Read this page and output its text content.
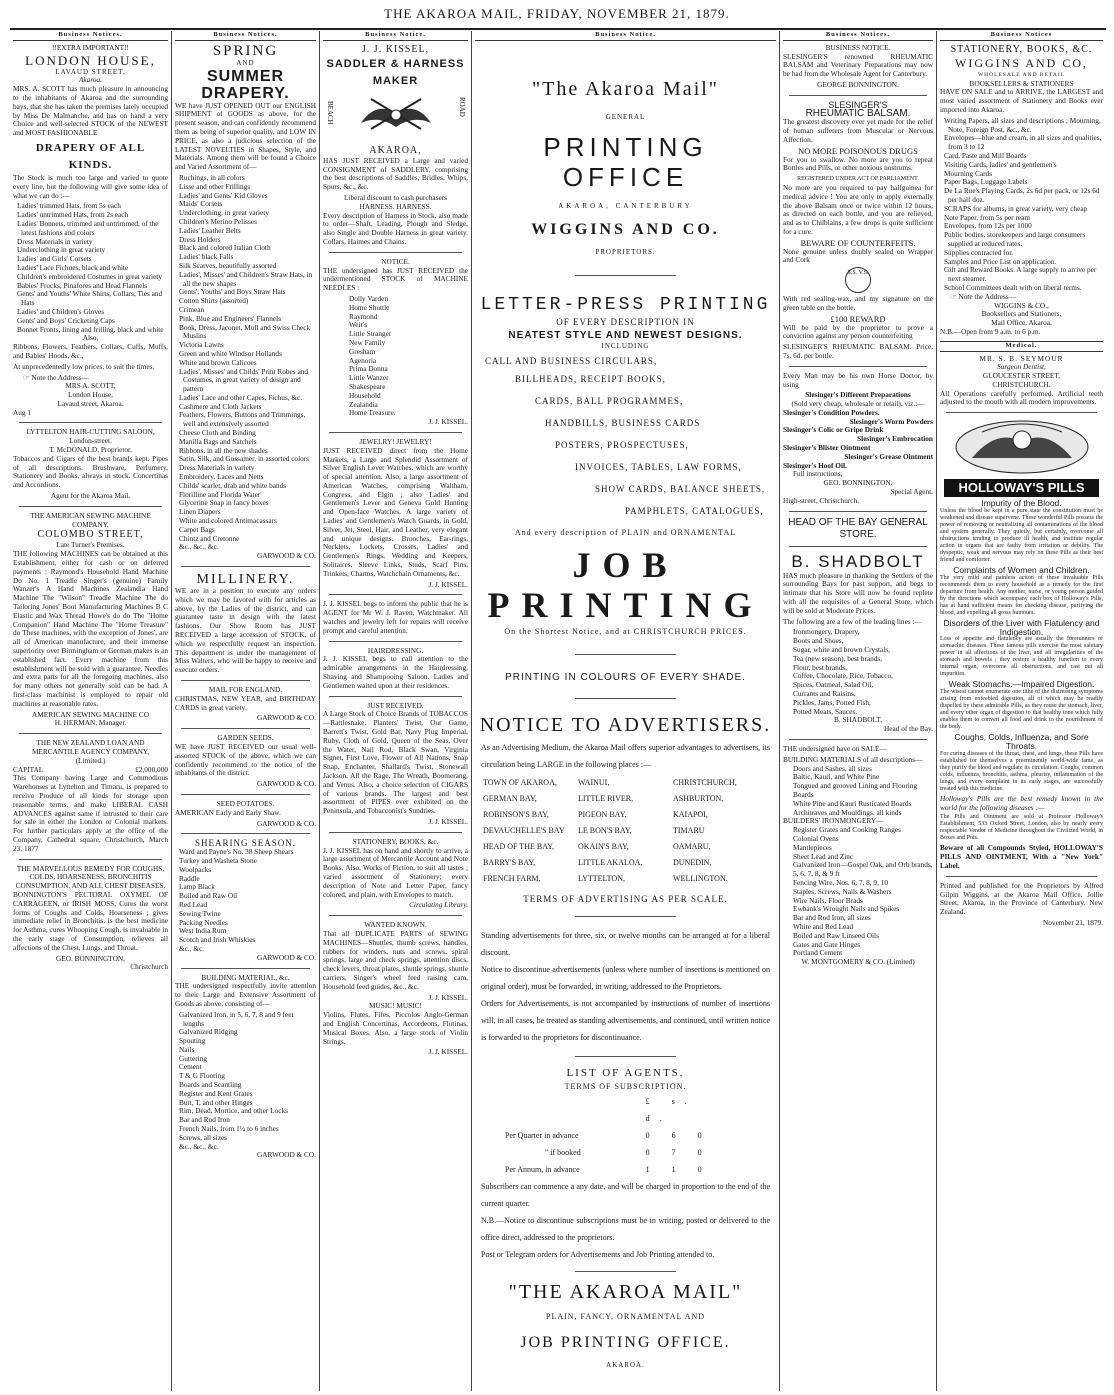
THE AKAROA MAIL, FRIDAY, NOVEMBER 21, 1879.
Business Notices.
!!EXTRA IMPORTANT!!
LONDON HOUSE,
LAVAUD STREET,
Akaroa.

MRS. A. SCOTT has much pleasure in announcing to the inhabitants of Akaroa and the surrounding bays, that she has taken the premises lately occupied by Miss De Malmanche, and has on hand a very Choice and well-selected STOCK of the NEWEST and MOST FASHIONABLE

DRAPERY OF ALL KINDS.

The Stock is much too large and varied to quote every line, but the following will give some idea of what we can do :—

Ladies' trimmed Hats, from 5s each
Ladies' untrimmed Hats, from 2s each
Ladies' Bonnets, trimmed and untrimmed, of the latest fashions and colors
Dress Materials in variety
Underclothing in great variety
Ladies' and Girls' Corsets
Ladies' Lace Fichues, black and white
Children's embroidered Costumes in great variety
Babies' Frocks, Pinafores and Head Flannels
Gents' and Youths' White Shirts, Collars, Ties and Hats
Ladies' and Children's Gloves
Gents' and Boys' Cricketing Caps
Bonnet Fronts, lining and frilling, black and white
Also,

Ribbons, Flowers, Feathers, Collars, Cuffs, Muffs, and Babies' Hoods, &c.,

At unprecedentedly low prices, to suit the times.

☞ Note the Address—
MRS A. SCOTT,
London House,
Lavaud street, Akaroa.
Aug 1
LYTTELTON HAIR-CUTTING SALOON,
London-street.
T. McDONALD, Proprietor.

Tobaccos and Cigars of the best brands kept. Pipes of all descriptions. Brushware, Perfumery, Stationery and Books, always in stock. Concertinas and Accordions.

Agent for the Akaroa Mail.
THE AMERICAN SEWING MACHINE COMPANY,
COLOMBO STREET,
Late Turner's Premises.

THE following MACHINES can be obtained at this Establishment, either for cash or on deferred payments : Raymond's Household Hand Machine Do No. 1 Treadle Singer's (genuine) Family Wanzer's A Hand Machines Zealandia Hand Machine The "Wilson" Treadle Machine The do Tailoring Jones' Boot Manufacturing Machines B C Elastic and Wax Thread Howe's do do The "Home Companion" Hand Machine The "Home Treasure" do These machines, with the exception of Jones', are all of American manufacture, and their immense superiority over Birmingham or German makes is an established fact. Every machine from this establishment will be sold with a guarantee. Needles and extra parts for all the foregoing machines, also for many others not generally sold can be had. A first-class machinist is employed to repair old machines at reasonable rates.

AMERICAN SEWING MACHINE CO
H. HERMAN, Manager.
THE NEW ZEALAND LOAN AND MERCANTILE AGENCY COMPANY,
(Limited.)
CAPITAL	£2,000,000

This Company having Large and Commodious Warehouses at Lyttelton and Timaru, is prepared to receive Produce of all kinds for storage upon reasonable terms, and make LIBERAL CASH ADVANCES against same if intrusted to their care for sale in either the London or Colonial markets. For further particulars apply at the office of the Company, Cathedral square, Christchurch, March 23, 1877

THE MARVELLOUS REMEDY FOR COUGHS, COLDS, HOARSENESS, BRONCHITIS CONSUMPTION, AND ALL CHEST DISEASES.

BONNINGTON'S PECTORAL OXYMEL OF CARRAGEEN, or IRISH MOSS, Cures the worst forms of Coughs and Colds, Hoarseness ; gives immediate relief in Bronchitis, is the best medicine for Asthma, cures Whooping Cough, is invaluable in the early stage of Consumption, relieves all affections of the Chest, Lungs, and Throat.

GEO. BONNINGTON,
Christchurch
Business Notices.
SPRING
AND
SUMMER DRAPERY.

WE have JUST OPENED OUT our ENGLISH SHIPMENT of GOODS as above, for the present season, and can confidently recommend them as being of superior quality, and LOW IN PRICE, as also a judicious selection of the LATEST NOVELTIES in Shapes, Style, and Materials. Among them will be found a Choice and Varied Assortment of—

Ruchings, in all colors
Lisse and other Frillings
Ladies' and Gents' Kid Gloves
Maids' Corsets
Underclothing, in great variety
Children's Merino Pelisses
Ladies' Leather Belts
Dress Holders
Black and colored Italian Cloth
Ladies' black Falls
Silk Scarves, beautifully assorted
Ladies', Misses' and Children's Straw Hats, in all the new shapes
Gents', Youths' and Boys Straw Hats
Cotton Shirts (assorted)
Crimean
Pink, Blue and Engineers' Flannels
Book, Dress, Jaconet, Mull and Swiss Check Muslins
Victoria Lawns
Green and white Windsor Hollands
White and brown Calicoes
Ladies', Misses' and Childs' Print Robes and Costumes, in great variety of design and pattern
Ladies' Lace and other Capes, Fichus, &c.
Cashmere and Cloth Jackets
Feathers, Flowers, Buttons and Trimmings, well and extensively assorted
Cheese Cloth and Binding
Manilla Bags and Satchels
Ribbons, in all the new shades
Satin, Silk, and Gossamer, in assorted colors
Dress Materials in variety
Embroidery, Laces and Netts
Childs' scarlet, drab and white bands
Florilline and Florida Water
Glycerine Soap in fancy boxes
Linen Diapers
White and colored Antimacassars
Carpet Bags
Chintz and Cretonne
&c., &c., &c.
GARWOOD & CO.
MILLINERY.

WE are in a position to execute any orders which we may be favored with for articles as above, by the Ladies of the district, and can guarantee taste in design with the latest fashions. Our Show Room has JUST RECEIVED a large accession of STOCK, of which we respectfully request an inspection. This department is under the management of Miss Walters, who will be happy to receive and execute orders.

MAIL FOR ENGLAND.

CHRISTMAS, NEW YEAR, and BIRTHDAY CARDS in great variety.

GARWOOD & CO.
GARDEN SEEDS.

WE have JUST RECEIVED our usual well-assorted STOCK of the above, which we can confidently recommend to the notice of the inhabitants of the district.

GARWOOD & CO.
SEED POTATOES.

AMERICAN Early and Early Shaw.

GARWOOD & CO.
SHEARING SEASON.
Ward and Payne's No. 38 Sheep Shears
Turkey and Washeta Stone
Woolpacks
Raddle
Lamp Black
Boiled and Raw Oil
Red Lead
Sewing Twine
Packing Needles
West India Rum
Scotch and Irish Whiskies
&c., &c.
GARWOOD & CO.
BUILDING MATERIAL, &c.

THE undersigned respectfully invite attention to their Large and Extensive Assortment of Goods as above, consisting of—

Galvanized Iron, in 5, 6, 7, 8 and 9 feet lengths
Galvanized Ridging
Spouting
Nails
Guttering
Cement
T & G Flooring
Boards and Scantling
Register and Kent Grates
Butt, T, and other Hinges
Rim, Dead, Mortice, and other Locks
Bar and Rod Iron
French Nails, from 1½ to 6 inches
Screws, all sizes
&c., &c., &c.
GARWOOD & CO.
Business Notice.
J. J. KISSEL,
SADDLER & HARNESS MAKER
BEACH	ROAD
AKAROA,

HAS JUST RECEIVED a Large and varied CONSIGNMENT of SADDLERY, comprising the best descriptions of Saddles, Bridles, Whips, Spurs, &c., &c.

Liberal discount to cash purchasers
HARNESS. HARNESS.

Every description of Harness in Stock, also made to order—Shaft, Leading, Plough and Sledge, also Single and Double Harness in great variety. Collars, Haimes and Chains.

NOTICE.

THE undersigned has JUST RECEIVED the undermentioned STOCK of MACHINE NEEDLES :

Dolly Varden
Home Shuttle
Raymond
Weir's
Little Stranger
New Family
Gresham
Agenoria
Prima Donna
Little Wanzer
Shakespeare
Household
Zealandia
Home Treasure.
J. J. KISSEL.
JEWELRY! JEWELRY!

JUST RECEIVED direct from the Home Markets, a Large and Splendid Assortment of Silver English Lever Watches, which are worthy of special attention. Also, a large assortment of American Watches, comprising Waltham, Congress, and Elgin ; also Ladies' and Gentlemen's Lever and Geneva Gold Hunting and Open-face Watches. A large variety of Ladies' and Gentlemen's Watch Guards, in Gold, Silver, Jet, Steel, Hair, and Leather, very elegant and unique designs. Brooches, Ear-rings, Necklets, Lockets, Crosses, Ladies' and Gentlemen's Rings, Wedding and Keepers, Solitaires, Sleeve Links, Studs, Scarf Pins, Trinkets, Charms, Watchchain Ornaments, &c.

J. J. KISSEL.

J. J. KISSEL begs to inform the public that he is AGENT for Mr W. J. Raven, Watchmaker. All watches and jewelry left for repairs will receive prompt and careful attention.

HAIRDRESSING.

J. J. KISSEL begs to call attention to the admirable arrangements in the Hairdressing, Shaving and Shampooing Saloon. Ladies and Gentlemen waited upon at their residences.

JUST RECEIVED.

A Large Stock of Choice Brands of TOBACCOS—Rattlesnake, Planters' Twist, Our Game, Barrett's Twist, Gold Bar, Navy Plug Imperial, Ruby, Cloth of Gold, Queen of the Seas, Over the Water, Nail Rod, Black Swan, Virginia Signet, First Love, Flower of All Nations, Snap Snap, Enchanter, Shallard's Twist, Stonewall Jackson, All the Rage, The Wreath, Boomerang, and Venus. Also, a choice selection of CIGARS of various brands. The largest and best assortment of PIPES ever exhibited on the Peninsula, and Tobacconist's Sundries.

J. J. KISSEL.
STATIONERY, BOOKS, &c.

J. J. KISSEL has on hand and shortly to arrive, a large assortment of Mercantile Account and Note Books. Also, Works of Fiction, to suit all tastes ; varied assortment of Stationery; every description of Note and Letter Paper, fancy colored, and plain, with Envelopes to match.

Circulating Library.
WANTED KNOWN.

That all DUPLICATE PARTS of SEWING MACHINES—Shuttles, thumb screws, handles, rubbers for winders, nuts and screws, spiral springs, large and check springs, attention discs, check levers, throat plates, shuttle springs, shuttle carriers, Singer's wheel feed raising cam, Household feed guides, &c., &c.

J. J. KISSEL.
MUSIC! MUSIC!

Violins, Flutes, Fifes, Piccolos Anglo-German and English Concertinas, Accordeons, Flutinas, Musical Boxes. Also, a large stock of Violin Strings.

J. J. KISSEL.
Business Notice.
"The Akaroa Mail"
GENERAL
PRINTING OFFICE
AKAROA, CANTERBURY
WIGGINS AND CO.
PROPRIETORS.
LETTER-PRESS PRINTING
OF EVERY DESCRIPTION IN
NEATEST STYLE AND NEWEST DESIGNS.
INCLUDING
CALL AND BUSINESS CIRCULARS,
BILLHEADS, RECEIPT BOOKS,
CARDS, BALL PROGRAMMES,
HANDBILLS, BUSINESS CARDS
POSTERS, PROSPECTUSES,
INVOICES, TABLES, LAW FORMS,
SHOW CARDS, BALANCE SHEETS,
PAMPHLETS, CATALOGUES,
And every description of PLAIN and ORNAMENTAL
JOB PRINTING
On the Shortest Notice, and at CHRISTCHURCH PRICES.
PRINTING IN COLOURS OF EVERY SHADE.
NOTICE TO ADVERTISERS.

As an Advertising Medium, the Akaroa Mail offers superior advantages to advertisers, its circulation being LARGE in the following places :—

TOWN OF AKAROA,	WAINUI,	CHRISTCHURCH,
GERMAN BAY,	LITTLE RIVER,	ASHBURTON,
ROBINSON'S BAY,	PIGEON BAY,	KAIAPOI,
DEVAUCHELLE'S BAY	LE BON'S BAY,	TIMARU
HEAD OF THE BAY,	OKAIN'S BAY,	OAMARU,
BARRY'S BAY,	LITTLE AKALOA,	DUNEDIN,
FRENCH FARM,	LYTTELTON,	WELLINGTON.
TERMS OF ADVERTISING AS PER SCALE.

Standing advertisements for three, six, or twelve months can be arranged at for a liberal discount.

Notice to discontinue advertisements (unless where number of insertions is mentioned on original order), must be forwarded, in writing, addressed to the Proprietors.

Orders for Advertisements, is not accompanied by instructions of number of insertions will, in all cases, be treated as standing advertisements, and continued, until written notice is forwarded to the proprietors for discontinuance.

LIST OF AGENTS.
TERMS OF SUBSCRIPTION.
£ s. d.
Per Quarter in advance	0 6 0
" if booked	0 7 0
Per Annum, in advance	1 1 0

Subscribers can commence a any date, and will be charged in proportion to the end of the current quarter.

N.B.—Notice to discontinue subscriptions must be in writing, posted or delivered to the office direct, addressed to the proprietors.

Post or Telegram orders for Advertisements and Job Printing attended to.

"THE AKAROA MAIL"
PLAIN, FANCY, ORNAMENTAL AND
JOB PRINTING OFFICE.
AKAROA.
Business Notices.
BUSINESS NOTICE.

SLESINGER'S renowned RHEUMATIC BALSAM and Veterinary Preparations may now be had from the Wholesale Agent for Canterbury.

GEORGE BONNINGTON.
SLESINGER'S
RHEUMATIC BALSAM.

The greatest discovery ever yet made for the relief of human sufferers from Muscular or Nervous Affection.

NO MORE POISONOUS DRUGS

For you to swallow. No more are you to repeat Bottles and Pills, or other noxious nostrums.

REGISTERED UNDER ACT OF PARLIAMENT.

No more are you required to pay halfguinea for medical advice ! You are only to apply externally the above Balsam once or twice within 12 hours, as directed on each bottle, and you are relieved, and as to Chilblains, a few drops is quite sufficient for a cure.

BEWARE OF COUNTERFEITS.

None genuine unless doubly sealed on Wrapper and Cork

S.S. V.S.

With red sealing-wax, and my signature on the green table on the bottle.

£100 REWARD

Will be paid by the proprietor to prove a conviction against any person counterfeiting

SLESINGER'S RHEUMATIC BALSAM. Price, 7s. 6d. per bottle.

Every Man may be his own Horse Doctor, by using

Slesinger's Different Preparations
(Sold very cheap, wholesale or retail), viz.:—
Slesinger's Condition Powders.
Slesinger's Worm Powders
Slesinger's Colic or Gripe Drink
Slesinger's Embrocation
Slesinger's Blister Ointment
Slesinger's Grease Ointment
Slesinger's Hoof Oil.
Full instructions,
GEO. BONNINGTON.
Special Agent.
High-street, Christchurch.
HEAD OF THE BAY GENERAL STORE.
B. SHADBOLT

HAS much pleasure in thanking the Settlers of the surrounding Bays for past support, and begs to intimate that his Store will now be found replete with all the requisites of a General Store, which will be sold at Moderate Prices.

The following are a few of the leading lines :—

Ironmongery, Drapery,
Boots and Shoes,
Sugar, white and brown Crystals,
Tea (new season), best brands,
Flour, best brands,
Coffee, Chocolate, Rice, Tobacco,
Spices, Oatmeal, Salad Oil,
Currants and Raisins,
Pickles, Jams, Potted Fish,
Potted Meats, Sauces.
B. SHADBOLT,
Head of the Bay.

THE undersigned have on SALE—

BUILDING MATERIALS of all descriptions—
Doors and Sashes, all sizes
Baltic, Kauri, and White Pine
Tongued and grooved Lining and Flooring Boards
White Pine and Kauri Rusticated Boards
Architraves and Mouldings. all kinds
BUILDERS' IRONMONGERY—
Register Grates and Cooking Ranges
Colonial Ovens
Mantlepieces
Sheet Lead and Zinc
Galvanized Iron—Gospel Oak, and Orb brands, 5, 6, 7, 8, & 9 ft
Fencing Wire, Nos. 6, 7, 8, 9, 10
Staples, Screws, Nails & Washers
Wire Nails, Floor Brads
Ewbank's Wrought Nails and Spikes
Bar and Rod Iron, all sizes
White and Red Lead
Boiled and Raw Linseed Oils
Gates and Gate Hinges
Portland Cement
W. MONTGOMERY & CO. (Limited)
Business Notices
STATIONERY, BOOKS, &C.
WIGGINS AND CO,
WHOLESALE AND RETAIL
BOOKSELLERS & STATIONERS

HAVE ON SALE and to ARRIVE, the LARGEST and most varied assortment of Stationery and Books ever imported into Akaroa.

Writing Papers, all sizes and descriptions ; Mourning, Note, Foreign Post, &c., &c.
Envelopes—blue and cream, in all sizes and qualities, from 3 to 12
Card, Paste and Mill Boards
Visiting Cards, ladies' and gentlemen's
Mourning Cards
Paper Bags, Luggage Labels
De La Rue's Playing Cards, 2s 6d per pack, or 12s 6d per half doz.
SCRAPS for albums, in great variety, very cheap
Note Paper, from 5s per ream
Envelopes, from 12s per 1000
Public bodies, storekeepers and large consumers supplied at reduced rates.
Supplies contracted for.
Samples and Price List on application.
Gift and Reward Books. A large supply to arrive per next steamer.
School Committees dealt with on liberal terms.
☞ Note the Address—
WIGGINS & CO.,
Booksellers and Stationers,
Mail Office, Akaroa.
N.B.—Open from 9 a.m. to 6 p.m.
Medical.
MR. S. B. SEYMOUR
Surgeon Dentist,
GLOUCESTER STREET,
CHRISTCHURCH.

All Operations carefully performed. Artificial teeth adjusted to the mouth with all modern improvements.

HOLLOWAY'S PILLS
Impurity of the Blood.

Unless the blood be kept in a pure state the constitution must be weakened and disease supervene. These wonderful Pills possess the power of removing or neutralizing all contaminations of the blood and system generally. They quietly, but certainly, overcome all obstructions tending to produce ill health, and institute regular action in organs that are faulty from irritation or debility. The dyspeptic, weak and nervous may rely on these Pills as their best friend and comforter.

Complaints of Women and Children.

The very mild and painless action of these invaluable Pills recommends them to every household as a remedy for the first departure from health. Any mother, nurse, or young person guided by the directions which accompany each box of Holloway's Pills, has at hand sufficient means for checking disease, purifying the blood, and expelling all gross humours.

Disorders of the Liver with Flatulency and Indigestion.

Loss of appetite and flatulency are usually the forerunners of stomachic diseases. These famous pills exercise the most salutary power in all affections of the liver, and all irregularities of the stomach and bowels ; they restore a healthy function to every internal organ, overcome all obstructions, and cast out all impurities.

Weak Stomachs.—Impaired Digestion.

The wisest cannot enumerate one tithe of the distressing symptoms arising from enfeebled digestion, all of which may be readily dispelled by these admirable Pills, as they rouse the stomach, liver, and every other organ of digestion to that healthy tone which fully enables them to convert all food and drink to the nourishment of the body.

Coughs, Colds, Influenza, and Sore Throats.

For curing diseases of the throat, chest, and lungs, these Pills have established for themselves a preeminently world-wide fame, as they purify the blood and regulate its circulation. Coughs, common colds, influenza, bronchitis, asthma, pleurisy, inflammation of the lungs, and every complaint in its early stages, are successfully treated with this medicine.

Holloway's Pills are the best remedy known in the world for the following diseases :—

The Pills and Ointment are sold at Professor Holloway's Establishment, 533 Oxford Street, London, also by nearly every respectable Vendor of Medicine throughout the Civilized World, in Boxes and Pots.

Beware of all Compounds Styled, HOLLOWAY'S PILLS AND OINTMENT, With a "New York" Label.

Printed and published for the Proprietors by Alfred Gilpin Wiggins, at the Akaroa Mail Office, Jollie Street, Akaroa, in the Province of Canterbury, New Zealand.

November 21, 1879.
